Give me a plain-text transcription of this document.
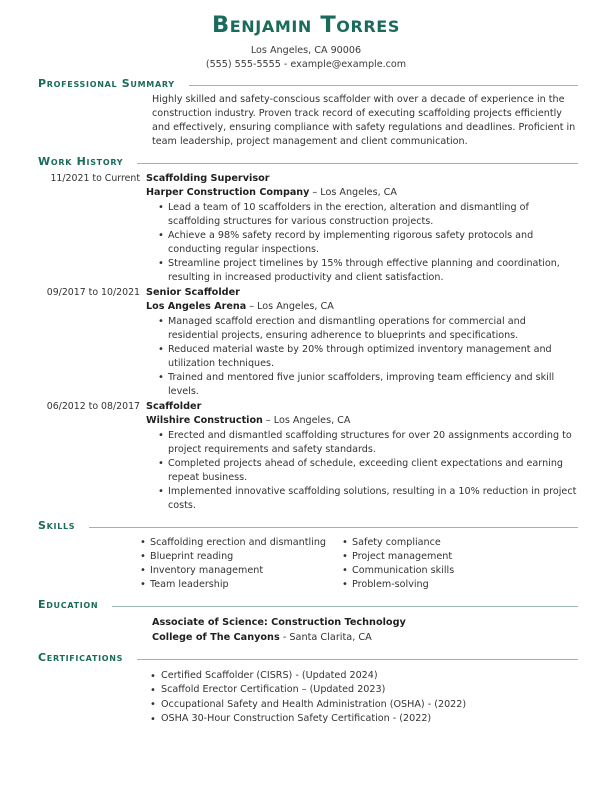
Benjamin Torres
Los Angeles, CA 90006
(555) 555-5555 - example@example.com
Professional Summary
Highly skilled and safety-conscious scaffolder with over a decade of experience in the construction industry. Proven track record of executing scaffolding projects efficiently and effectively, ensuring compliance with safety regulations and deadlines. Proficient in team leadership, project management and client communication.
Work History
11/2021 to Current Scaffolding Supervisor
Harper Construction Company – Los Angeles, CA
• Lead a team of 10 scaffolders in the erection, alteration and dismantling of scaffolding structures for various construction projects.
• Achieve a 98% safety record by implementing rigorous safety protocols and conducting regular inspections.
• Streamline project timelines by 15% through effective planning and coordination, resulting in increased productivity and client satisfaction.
09/2017 to 10/2021 Senior Scaffolder
Los Angeles Arena – Los Angeles, CA
• Managed scaffold erection and dismantling operations for commercial and residential projects, ensuring adherence to blueprints and specifications.
• Reduced material waste by 20% through optimized inventory management and utilization techniques.
• Trained and mentored five junior scaffolders, improving team efficiency and skill levels.
06/2012 to 08/2017 Scaffolder
Wilshire Construction – Los Angeles, CA
• Erected and dismantled scaffolding structures for over 20 assignments according to project requirements and safety standards.
• Completed projects ahead of schedule, exceeding client expectations and earning repeat business.
• Implemented innovative scaffolding solutions, resulting in a 10% reduction in project costs.
Skills
• Scaffolding erection and dismantling
• Blueprint reading
• Inventory management
• Team leadership
• Safety compliance
• Project management
• Communication skills
• Problem-solving
Education
Associate of Science: Construction Technology
College of The Canyons - Santa Clarita, CA
Certifications
• Certified Scaffolder (CISRS) - (Updated 2024)
• Scaffold Erector Certification – (Updated 2023)
• Occupational Safety and Health Administration (OSHA) - (2022)
• OSHA 30-Hour Construction Safety Certification - (2022)
